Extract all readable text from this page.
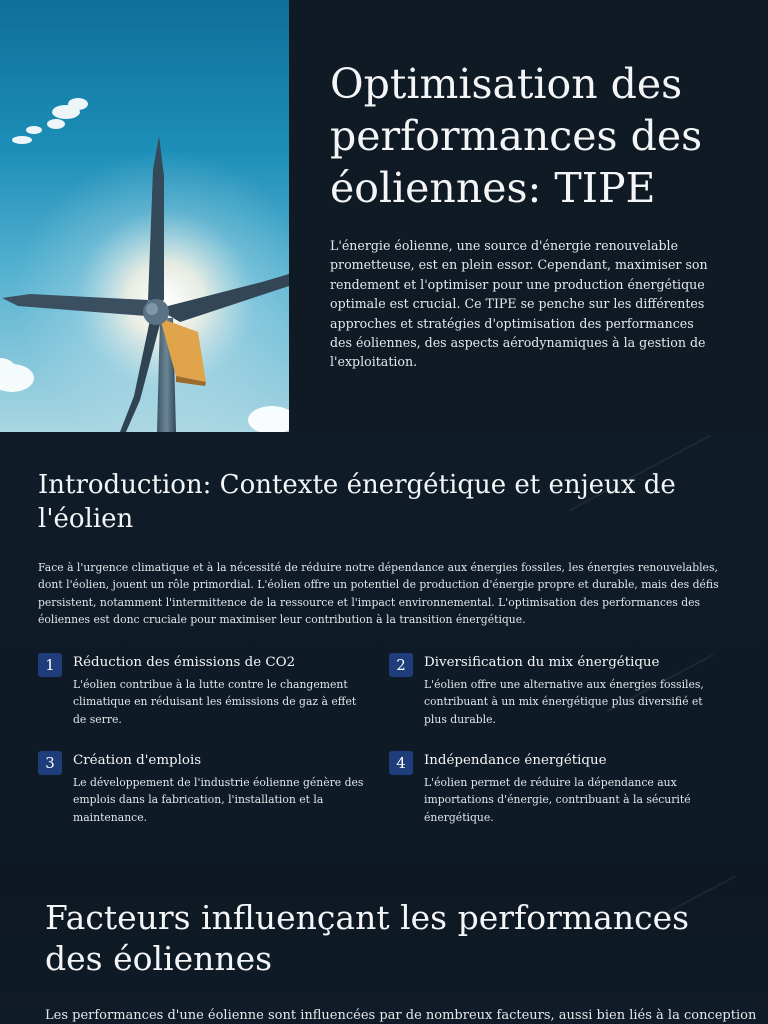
Optimisation des performances des éoliennes: TIPE

L'énergie éolienne, une source d'énergie renouvelable prometteuse, est en plein essor. Cependant, maximiser son rendement et l'optimiser pour une production énergétique optimale est crucial. Ce TIPE se penche sur les différentes approches et stratégies d'optimisation des performances des éoliennes, des aspects aérodynamiques à la gestion de l'exploitation.

Introduction: Contexte énergétique et enjeux de l'éolien

Face à l'urgence climatique et à la nécessité de réduire notre dépendance aux énergies fossiles, les énergies renouvelables, dont l'éolien, jouent un rôle primordial. L'éolien offre un potentiel de production d'énergie propre et durable, mais des défis persistent, notamment l'intermittence de la ressource et l'impact environnemental. L'optimisation des performances des éoliennes est donc cruciale pour maximiser leur contribution à la transition énergétique.

1	Réduction des émissions de CO2

L'éolien contribue à la lutte contre le changement climatique en réduisant les émissions de gaz à effet de serre.

2	Diversification du mix énergétique

L'éolien offre une alternative aux énergies fossiles, contribuant à un mix énergétique plus diversifié et plus durable.

3	Création d'emplois

Le développement de l'industrie éolienne génère des emplois dans la fabrication, l'installation et la maintenance.

4	Indépendance énergétique

L'éolien permet de réduire la dépendance aux importations d'énergie, contribuant à la sécurité énergétique.

Facteurs influençant les performances des éoliennes

Les performances d'une éolienne sont influencées par de nombreux facteurs, aussi bien liés à la conception
